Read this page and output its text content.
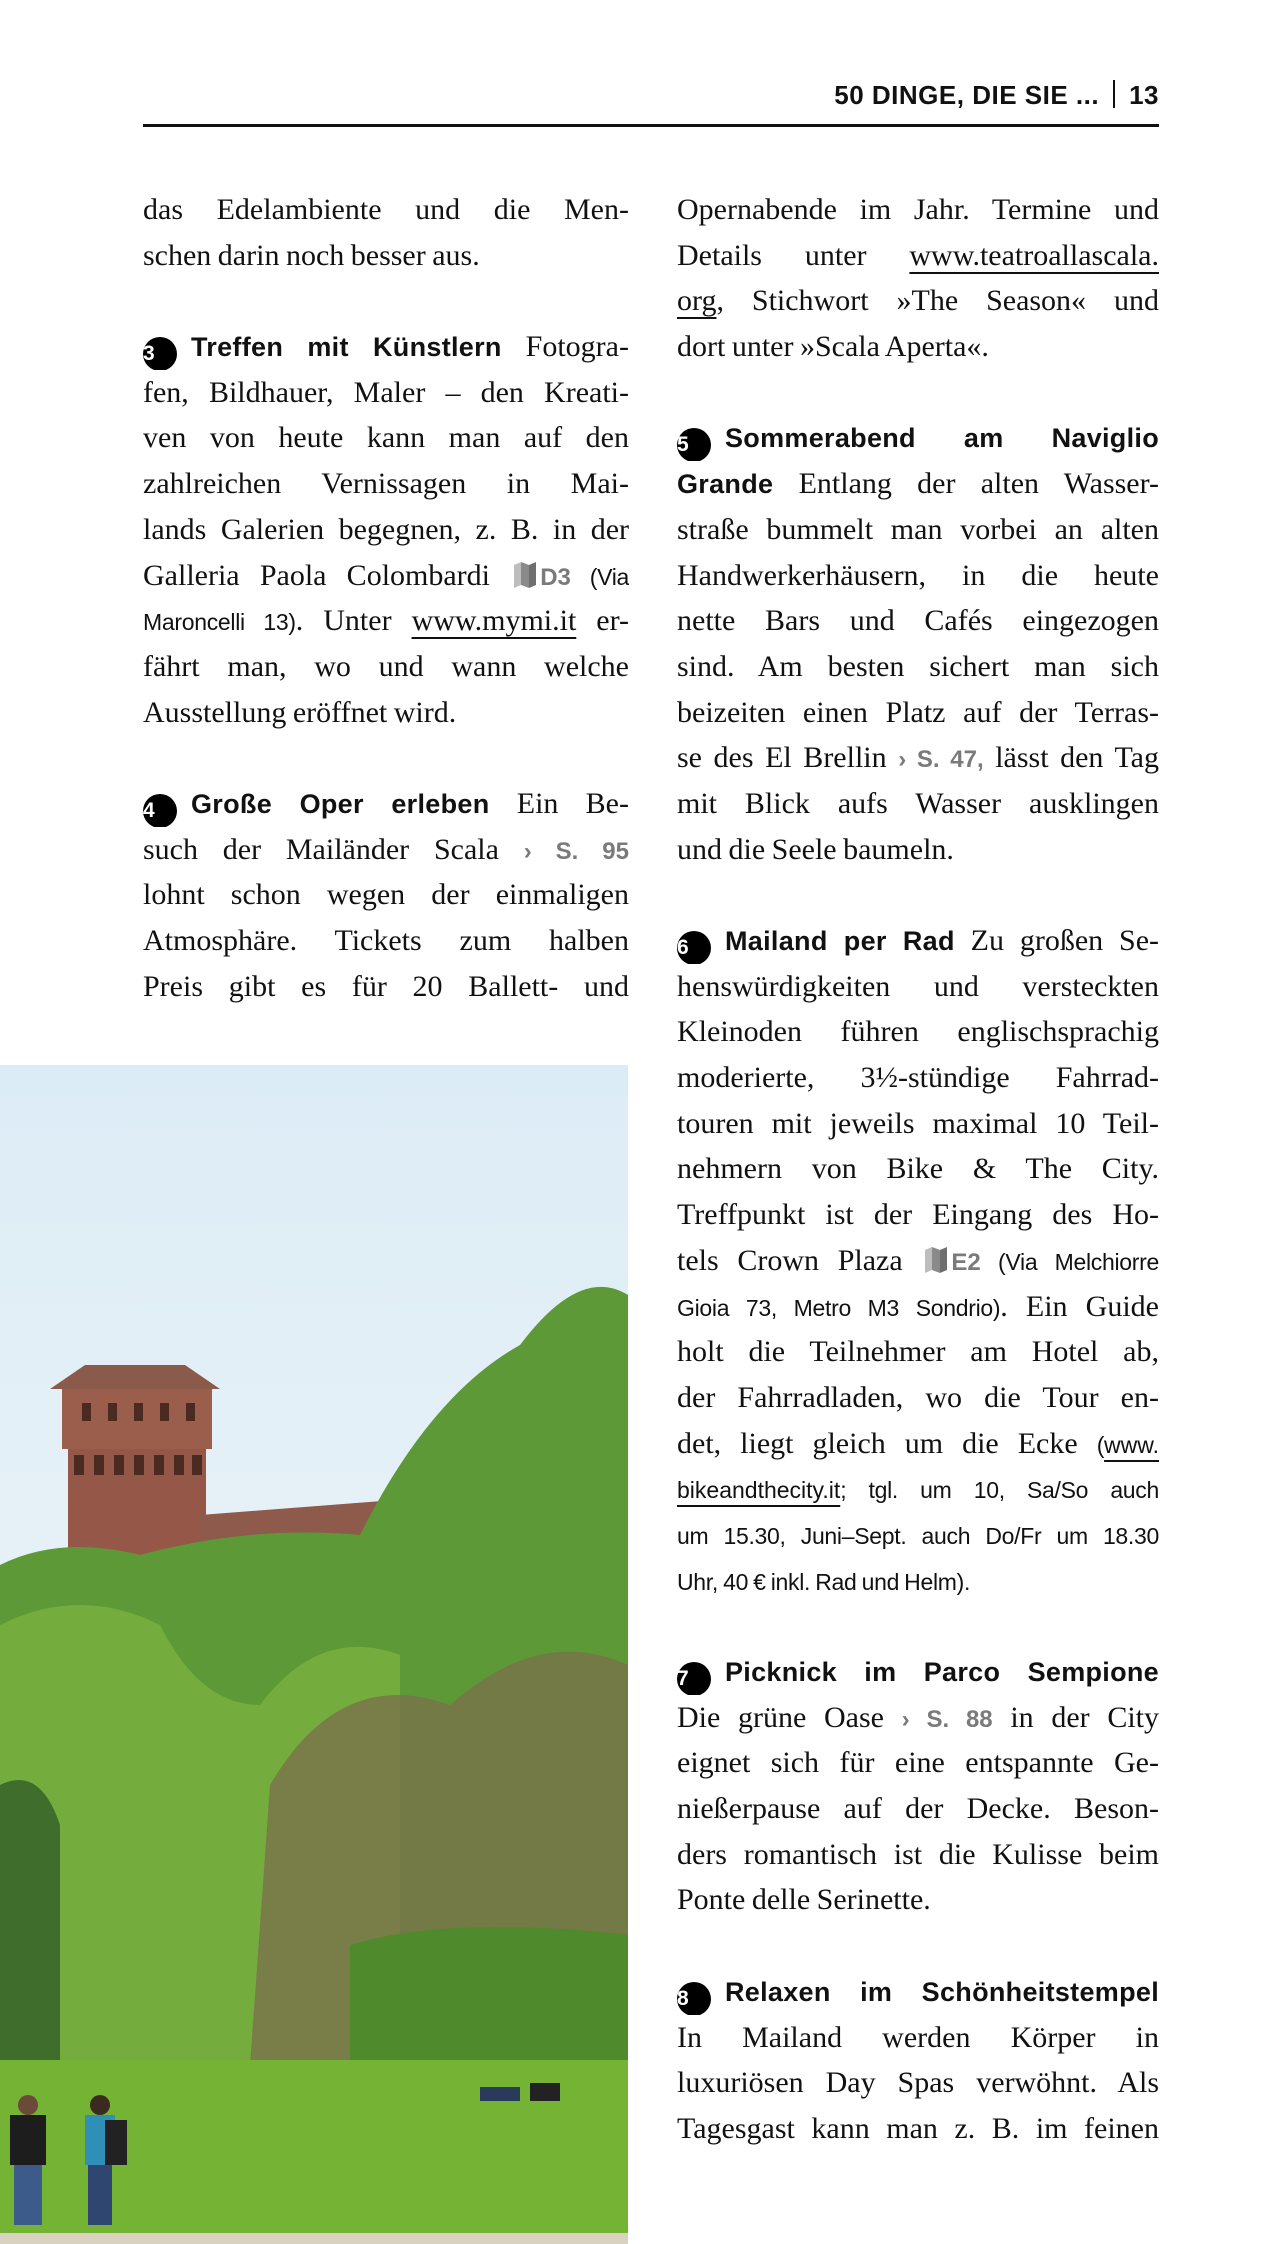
50 DINGE, DIE SIE ... 13
das Edelambiente und die Men-
schen darin noch besser aus.
3 Treffen mit Künstlern Fotogra-
fen, Bildhauer, Maler – den Kreati-
ven von heute kann man auf den
zahlreichen Vernissagen in Mai-
lands Galerien begegnen, z. B. in der
Galleria Paola Colombardi D3 (Via
Maroncelli 13). Unter www.mymi.it er-
fährt man, wo und wann welche
Ausstellung eröffnet wird.
4 Große Oper erleben Ein Be-
such der Mailänder Scala › S. 95
lohnt schon wegen der einmaligen
Atmosphäre. Tickets zum halben
Preis gibt es für 20 Ballett- und
Opernabende im Jahr. Termine und
Details unter www.teatroallascala.
org, Stichwort »The Season« und
dort unter »Scala Aperta«.
5 Sommerabend am Naviglio
Grande Entlang der alten Wasser-
straße bummelt man vorbei an alten
Handwerkerhäusern, in die heute
nette Bars und Cafés eingezogen
sind. Am besten sichert man sich
beizeiten einen Platz auf der Terras-
se des El Brellin › S. 47, lässt den Tag
mit Blick aufs Wasser ausklingen
und die Seele baumeln.
6 Mailand per Rad Zu großen Se-
henswürdigkeiten und versteckten
Kleinoden führen englischsprachig
moderierte, 3½-stündige Fahrrad-
touren mit jeweils maximal 10 Teil-
nehmern von Bike & The City.
Treffpunkt ist der Eingang des Ho-
tels Crown Plaza E2 (Via Melchiorre
Gioia 73, Metro M3 Sondrio). Ein Guide
holt die Teilnehmer am Hotel ab,
der Fahrradladen, wo die Tour en-
det, liegt gleich um die Ecke (www.
bikeandthecity.it; tgl. um 10, Sa/So auch
um 15.30, Juni–Sept. auch Do/Fr um 18.30
Uhr, 40 € inkl. Rad und Helm).
7 Picknick im Parco Sempione
Die grüne Oase › S. 88 in der City
eignet sich für eine entspannte Ge-
nießerpause auf der Decke. Beson-
ders romantisch ist die Kulisse beim
Ponte delle Serinette.
8 Relaxen im Schönheitstempel
In Mailand werden Körper in
luxuriösen Day Spas verwöhnt. Als
Tagesgast kann man z. B. im feinen
